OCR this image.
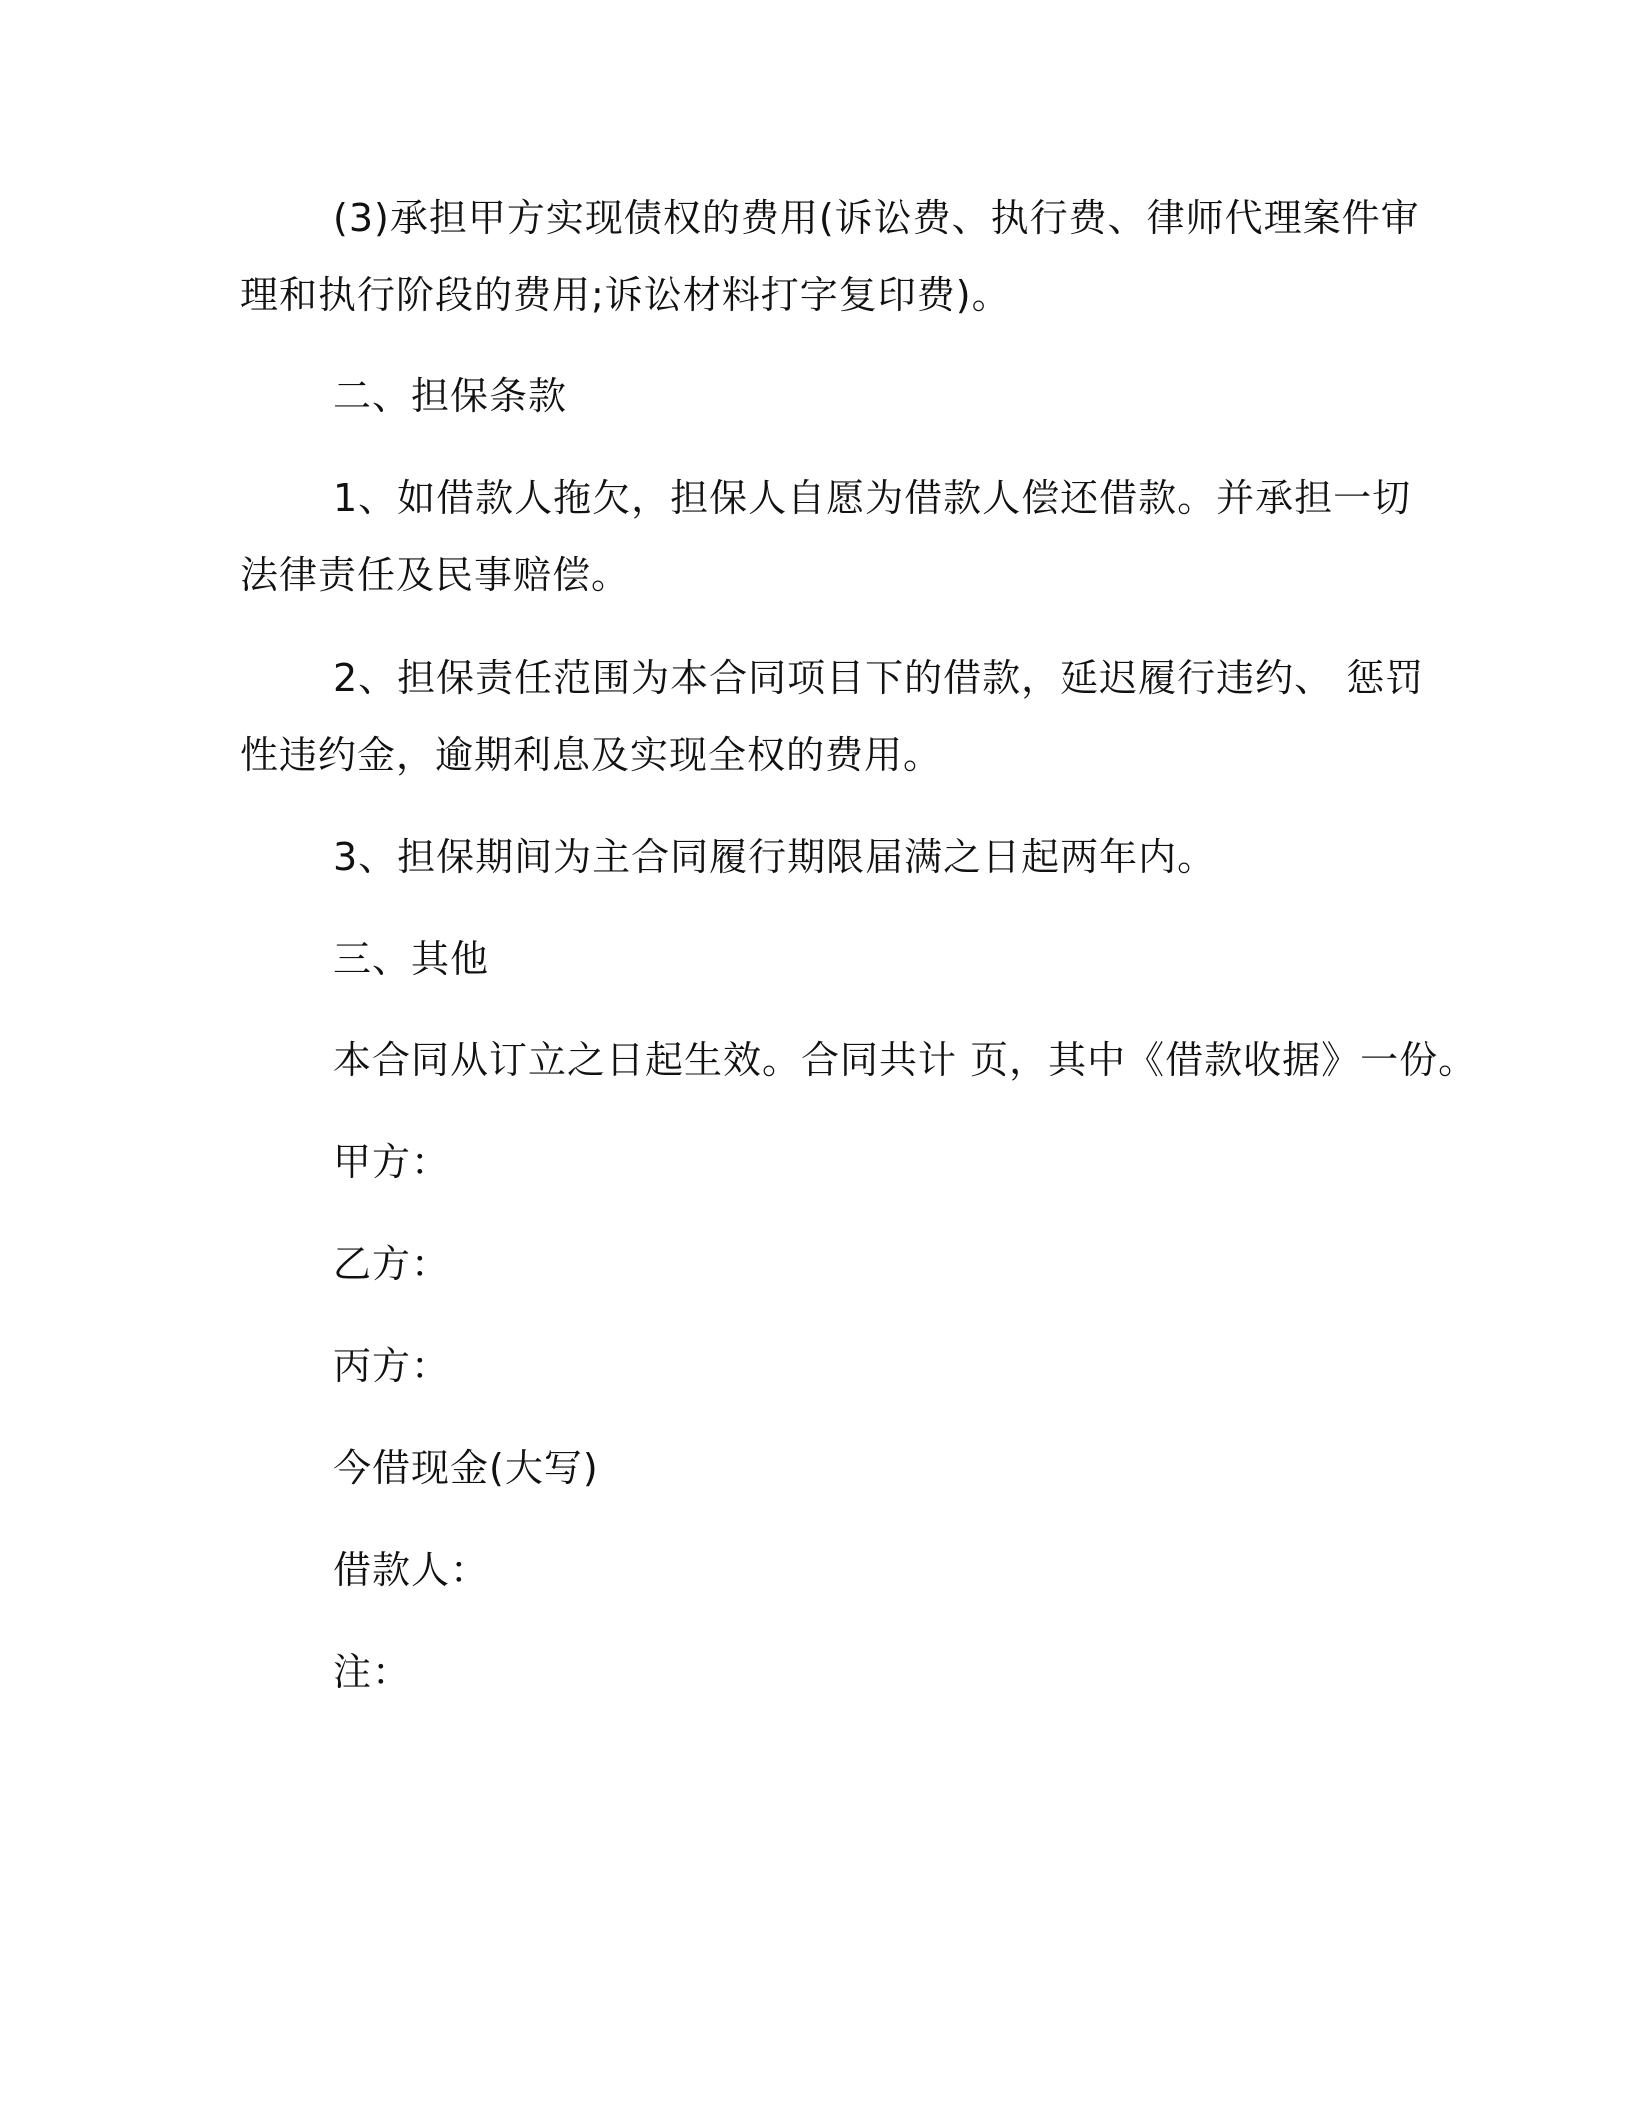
(3)承担甲方实现债权的费用(诉讼费、执行费、律师代理案件审
理和执行阶段的费用;诉讼材料打字复印费)。
二、担保条款
1、如借款人拖欠，担保人自愿为借款人偿还借款。并承担一切
法律责任及民事赔偿。
2、担保责任范围为本合同项目下的借款，延迟履行违约、 惩罚
性违约金，逾期利息及实现全权的费用。
3、担保期间为主合同履行期限届满之日起两年内。
三、其他
本合同从订立之日起生效。合同共计 页，其中《借款收据》一份。
甲方：
乙方：
丙方：
今借现金(大写)
借款人：
注：
